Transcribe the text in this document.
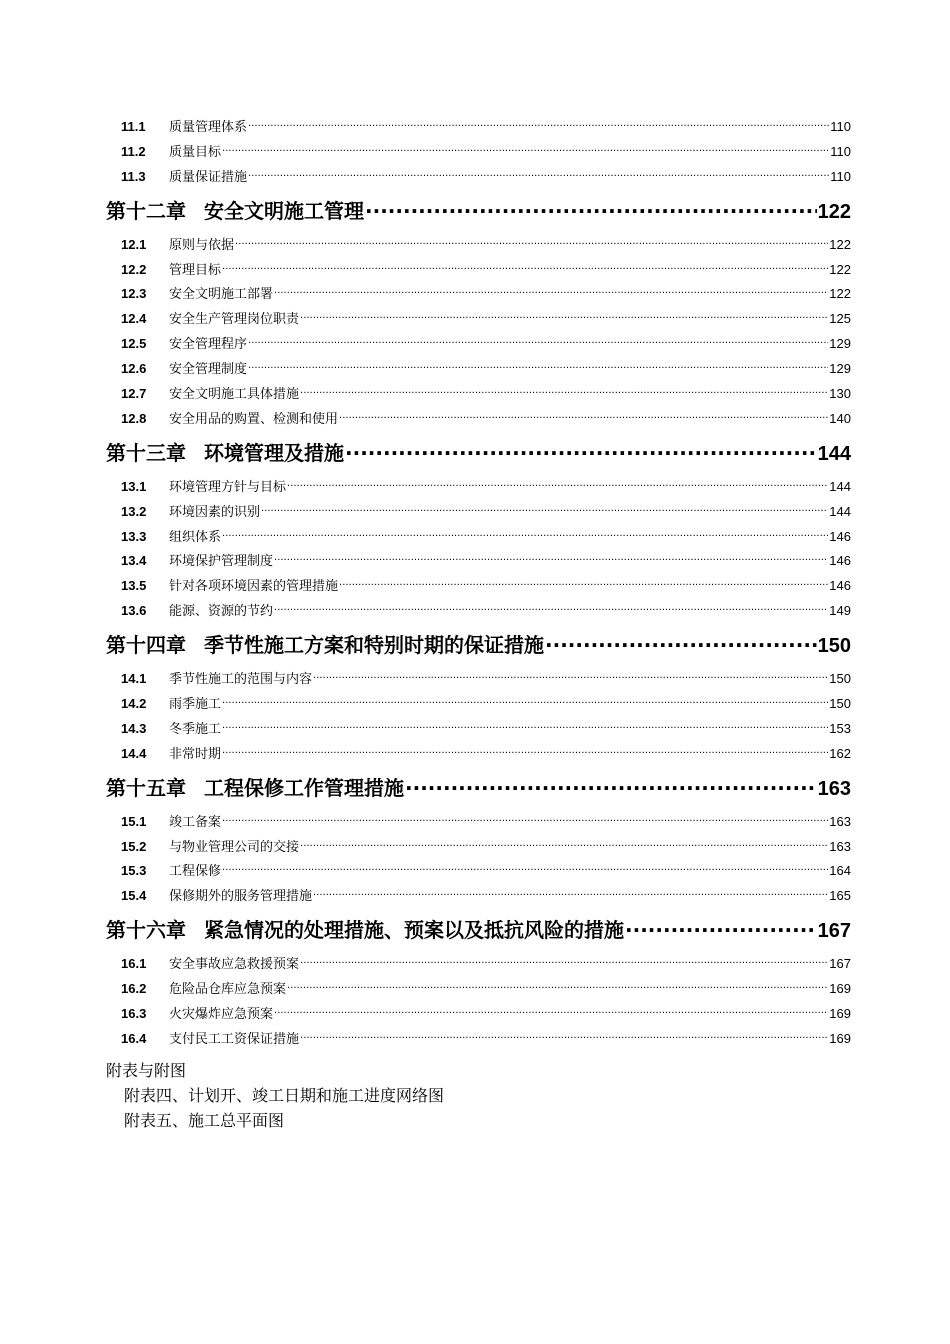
11.1	质量管理体系 .....	110
11.2	质量目标 .....	110
11.3	质量保证措施 .....	110
第十二章 安全文明施工管理 .....	122
12.1	原则与依据 .....	122
12.2	管理目标 .....	122
12.3	安全文明施工部署 .....	122
12.4	安全生产管理岗位职责 .....	125
12.5	安全管理程序 .....	129
12.6	安全管理制度 .....	129
12.7	安全文明施工具体措施 .....	130
12.8	安全用品的购置、检测和使用 .....	140
第十三章 环境管理及措施 .....	144
13.1	环境管理方针与目标 .....	144
13.2	环境因素的识别 .....	144
13.3	组织体系 .....	146
13.4	环境保护管理制度 .....	146
13.5	针对各项环境因素的管理措施 .....	146
13.6	能源、资源的节约 .....	149
第十四章 季节性施工方案和特别时期的保证措施 .....	150
14.1	季节性施工的范围与内容 .....	150
14.2	雨季施工 .....	150
14.3	冬季施工 .....	153
14.4	非常时期 .....	162
第十五章 工程保修工作管理措施 .....	163
15.1	竣工备案 .....	163
15.2	与物业管理公司的交接 .....	163
15.3	工程保修 .....	164
15.4	保修期外的服务管理措施 .....	165
第十六章 紧急情况的处理措施、预案以及抵抗风险的措施 .....	167
16.1	安全事故应急救援预案 .....	167
16.2	危险品仓库应急预案 .....	169
16.3	火灾爆炸应急预案 .....	169
16.4	支付民工工资保证措施 .....	169
附表与附图
附表四、计划开、竣工日期和施工进度网络图
附表五、施工总平面图
